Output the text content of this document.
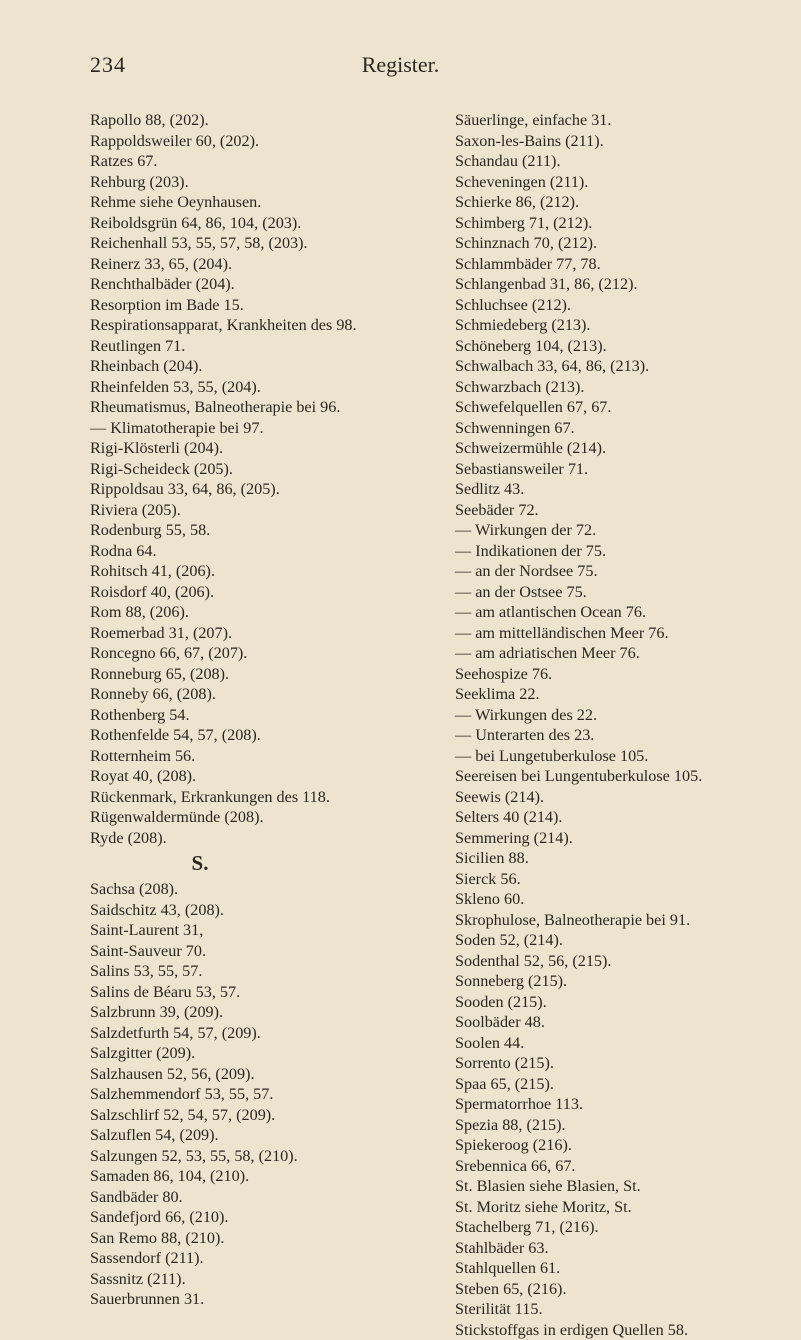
234	Register.
Rapollo 88, (202).
Rappoldsweiler 60, (202).
Ratzes 67.
Rehburg (203).
Rehme siehe Oeynhausen.
Reiboldsgrün 64, 86, 104, (203).
Reichenhall 53, 55, 57, 58, (203).
Reinerz 33, 65, (204).
Renchthalbäder (204).
Resorption im Bade 15.
Respirationsapparat, Krankheiten des 98.
Reutlingen 71.
Rheinbach (204).
Rheinfelden 53, 55, (204).
Rheumatismus, Balneotherapie bei 96.
— Klimatotherapie bei 97.
Rigi-Klösterli (204).
Rigi-Scheideck (205).
Rippoldsau 33, 64, 86, (205).
Riviera (205).
Rodenburg 55, 58.
Rodna 64.
Rohitsch 41, (206).
Roisdorf 40, (206).
Rom 88, (206).
Roemerbad 31, (207).
Roncegno 66, 67, (207).
Ronneburg 65, (208).
Ronneby 66, (208).
Rothenberg 54.
Rothenfelde 54, 57, (208).
Rotternheim 56.
Royat 40, (208).
Rückenmark, Erkrankungen des 118.
Rügenwaldermünde (208).
Ryde (208).
S.
Sachsa (208).
Saidschitz 43, (208).
Saint-Laurent 31,
Saint-Sauveur 70.
Salins 53, 55, 57.
Salins de Béaru 53, 57.
Salzbrunn 39, (209).
Salzdetfurth 54, 57, (209).
Salzgitter (209).
Salzhausen 52, 56, (209).
Salzhemmendorf 53, 55, 57.
Salzschlirf 52, 54, 57, (209).
Salzuflen 54, (209).
Salzungen 52, 53, 55, 58, (210).
Samaden 86, 104, (210).
Sandbäder 80.
Sandefjord 66, (210).
San Remo 88, (210).
Sassendorf (211).
Sassnitz (211).
Sauerbrunnen 31.
Säuerlinge, einfache 31.
Saxon-les-Bains (211).
Schandau (211).
Scheveningen (211).
Schierke 86, (212).
Schimberg 71, (212).
Schinznach 70, (212).
Schlammbäder 77, 78.
Schlangenbad 31, 86, (212).
Schluchsee (212).
Schmiedeberg (213).
Schöneberg 104, (213).
Schwalbach 33, 64, 86, (213).
Schwarzbach (213).
Schwefelquellen 67, 67.
Schwenningen 67.
Schweizermühle (214).
Sebastiansweiler 71.
Sedlitz 43.
Seebäder 72.
— Wirkungen der 72.
— Indikationen der 75.
— an der Nordsee 75.
— an der Ostsee 75.
— am atlantischen Ocean 76.
— am mittelländischen Meer 76.
— am adriatischen Meer 76.
Seehospize 76.
Seeklima 22.
— Wirkungen des 22.
— Unterarten des 23.
— bei Lungetuberkulose 105.
Seereisen bei Lungentuberkulose 105.
Seewis (214).
Selters 40 (214).
Semmering (214).
Sicilien 88.
Sierck 56.
Skleno 60.
Skrophulose, Balneotherapie bei 91.
Soden 52, (214).
Sodenthal 52, 56, (215).
Sonneberg (215).
Sooden (215).
Soolbäder 48.
Soolen 44.
Sorrento (215).
Spaa 65, (215).
Spermatorrhoe 113.
Spezia 88, (215).
Spiekeroog (216).
Srebennica 66, 67.
St. Blasien siehe Blasien, St.
St. Moritz siehe Moritz, St.
Stachelberg 71, (216).
Stahlbäder 63.
Stahlquellen 61.
Steben 65, (216).
Sterilität 115.
Stickstoffgas in erdigen Quellen 58.
